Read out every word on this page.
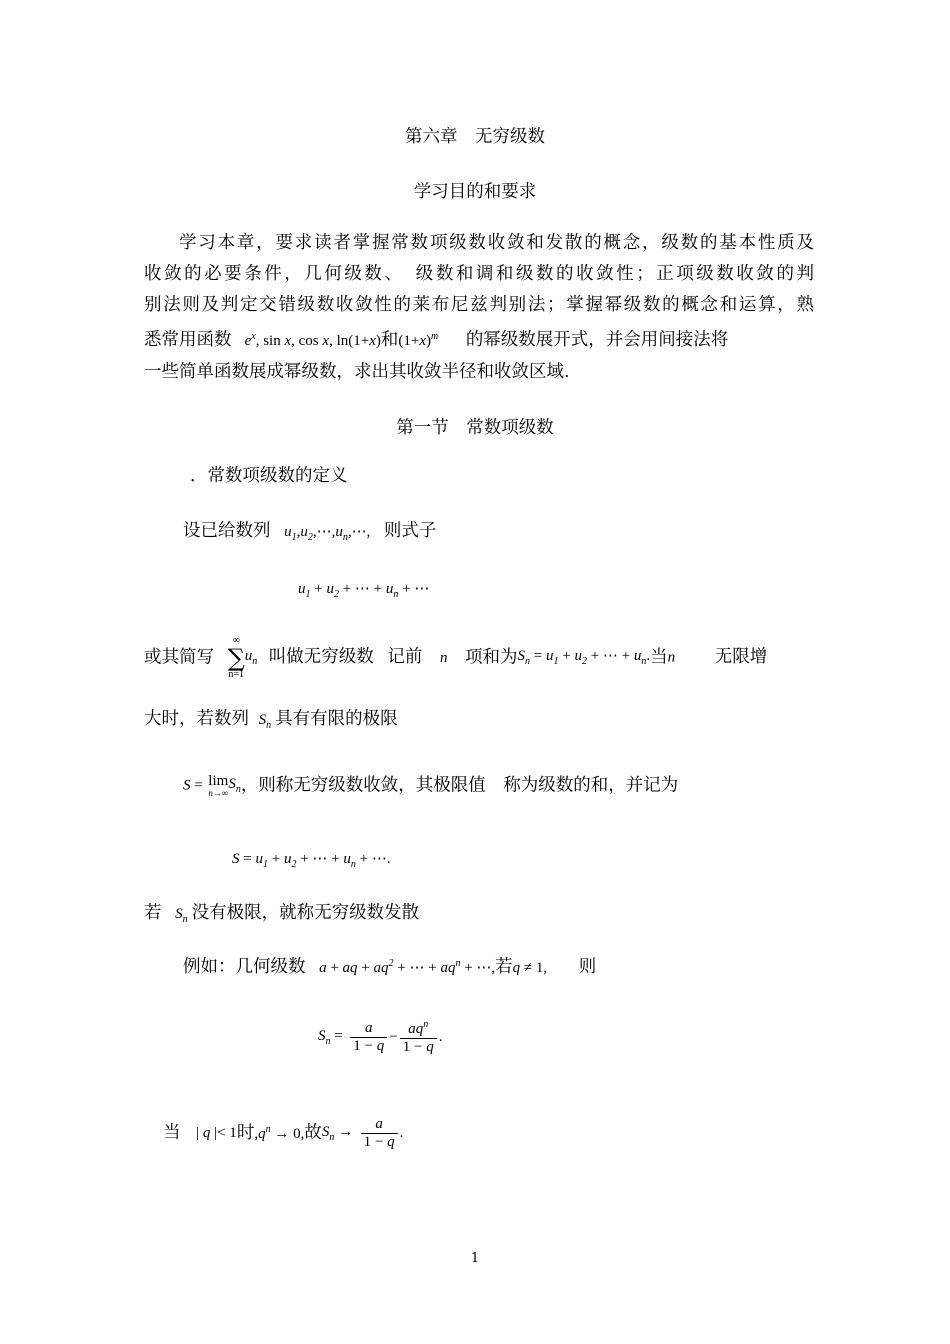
第六章　无穷级数
学习目的和要求

学习本章，要求读者掌握常数项级数收敛和发散的概念，级数的基本性质及

收敛的必要条件，几何级数、　级数和调和级数的收敛性；正项级数收敛的判

别法则及判定交错级数收敛性的莱布尼兹判别法；掌握幂级数的概念和运算，熟

悉常用函数   $e^x$, sin x, cos x, ln(1+x)和$(1+x)^m$ 的幂级数展开式，并会用间接法将

一些简单函数展成幂级数，求出其收敛半径和收敛区域.

第一节　常数项级数
．常数项级数的定义
设已给数列 $u_1,u_2,\cdots,u_n,\cdots$, 则式子
$u_1 + u_2$ + ⋯ + $u_n$ + ⋯
或其简写
∞
∑
n=1
$u_n$ 叫做无穷级数 记前 n 项和为$S_n = u_1 + u_2$ + ⋯ + $u_n$.当n 无限增
大时，若数列 $S_n$ 具有有限的极限
S = lim
n→∞
$S_n$，则称无穷级数收敛，其极限值　称为级数的和，并记为
$S = u_1 + u_2$ + ⋯ + $u_n$ + ⋯.
若 $S_n$ 没有极限，就称无穷级数发散
例如：几何级数 a + aq + $aq^2$ + ⋯ + $aq^n$ + ⋯,若q ≠ 1, 则
$S_n = \frac{a}{1 - q} - \frac{aq^n}{1 - q}$ .
当 | q |< 1时$,q^n \to 0$,故$S_n \to \frac{a}{1 - q}$ .
1
